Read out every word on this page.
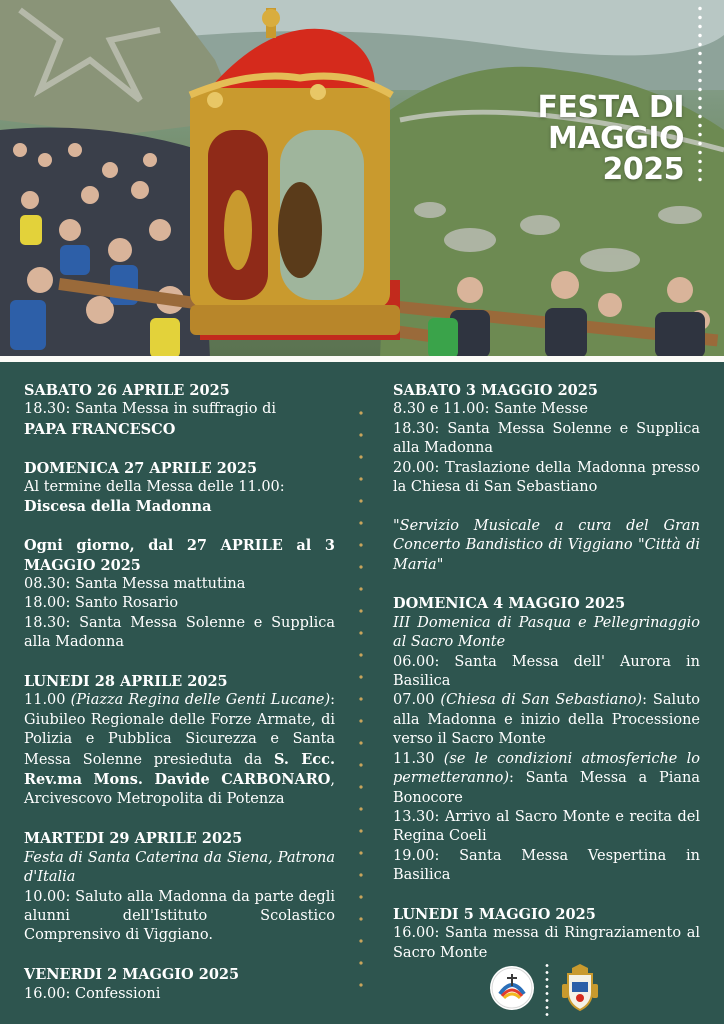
FESTA DI
MAGGIO
2025
SABATO 26 APRILE 2025
18.30: Santa Messa in suffragio di
PAPA FRANCESCO
DOMENICA 27 APRILE 2025
Al termine della Messa delle 11.00:
Discesa della Madonna
Ogni giorno, dal 27 APRILE al 3 MAGGIO 2025
08.30: Santa Messa mattutina
18.00: Santo Rosario
18.30: Santa Messa Solenne e Supplica alla Madonna
LUNEDI 28 APRILE 2025
11.00 (Piazza Regina delle Genti Lucane): Giubileo Regionale delle Forze Armate, di Polizia e Pubblica Sicurezza e Santa Messa Solenne presieduta da S. Ecc. Rev.ma Mons. Davide CARBONARO, Arcivescovo Metropolita di Potenza
MARTEDI 29 APRILE 2025
Festa di Santa Caterina da Siena, Patrona d'Italia
10.00: Saluto alla Madonna da parte degli alunni dell'Istituto Scolastico Comprensivo di Viggiano.
VENERDI 2 MAGGIO 2025
16.00: Confessioni
SABATO 3 MAGGIO 2025
8.30 e 11.00: Sante Messe
18.30: Santa Messa Solenne e Supplica alla Madonna
20.00: Traslazione della Madonna presso la Chiesa di San Sebastiano
"Servizio Musicale a cura del Gran Concerto Bandistico di Viggiano "Città di Maria"
DOMENICA 4 MAGGIO 2025
III Domenica di Pasqua e Pellegrinaggio al Sacro Monte
06.00: Santa Messa dell' Aurora in Basilica
07.00 (Chiesa di San Sebastiano): Saluto alla Madonna e inizio della Processione verso il Sacro Monte
11.30 (se le condizioni atmosferiche lo permetteranno): Santa Messa a Piana Bonocore
13.30: Arrivo al Sacro Monte e recita del Regina Coeli
19.00: Santa Messa Vespertina in Basilica
LUNEDI 5 MAGGIO 2025
16.00: Santa messa di Ringraziamento al Sacro Monte
